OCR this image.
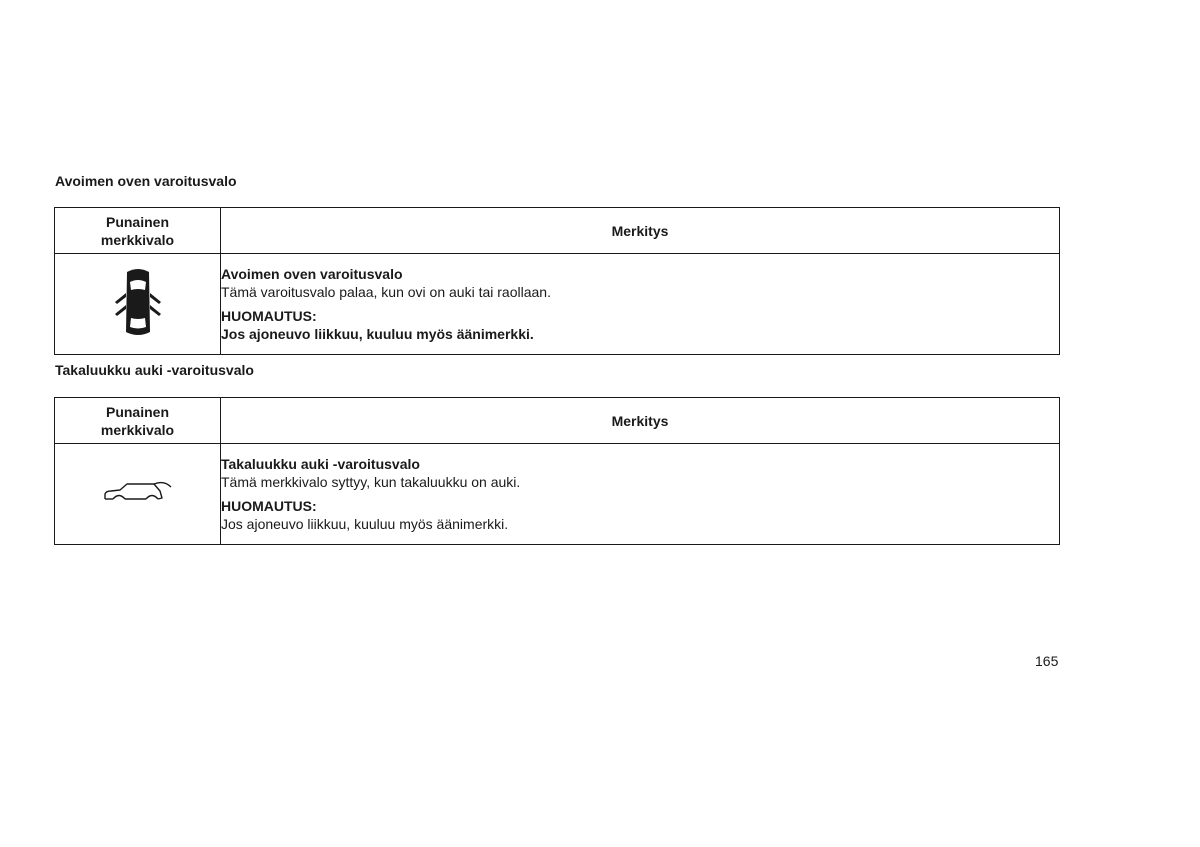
Avoimen oven varoitusvalo
Punainen
merkkivalo	Merkitys

Avoimen oven varoitusvalo
Tämä varoitusvalo palaa, kun ovi on auki tai raollaan.
HUOMAUTUS:
Jos ajoneuvo liikkuu, kuuluu myös äänimerkki.
Takaluukku auki -varoitusvalo
Punainen
merkkivalo	Merkitys

Takaluukku auki -varoitusvalo
Tämä merkkivalo syttyy, kun takaluukku on auki.
HUOMAUTUS:
Jos ajoneuvo liikkuu, kuuluu myös äänimerkki.
165
